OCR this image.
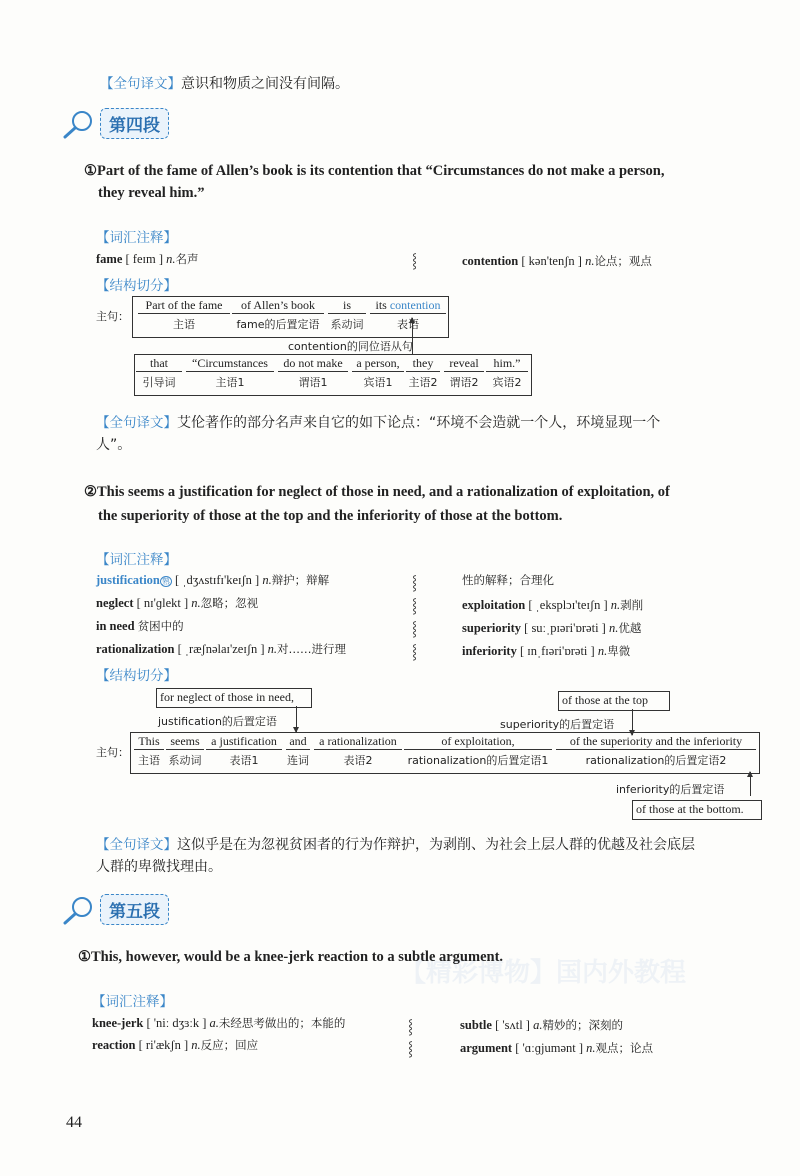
【全句译文】意识和物质之间没有间隔。
第四段
①Part of the fame of Allen’s book is its contention that “Circumstances do not make a person,
they reveal him.”
【词汇注释】
fame [ feɪm ] n.名声	⸾	contention [ kən'tenʃn ] n.论点；观点
【结构切分】
主句：
Part of the fame
主语
of Allen’s book
fame的后置定语
is
系动词
its contention
表语
contention的同位语从句
that
引导词
“Circumstances
主语1
do not make
谓语1
a person,
宾语1
they
主语2
reveal
谓语2
him.”
宾语2
【全句译文】艾伦著作的部分名声来自它的如下论点：“环境不会造就一个人，环境显现一个
人”。
②This seems a justification for neglect of those in need, and a rationalization of exploitation, of
the superiority of those at the top and the inferiority of those at the bottom.
【词汇注释】
justification 熟 [ ˌdʒʌstɪfɪ'keɪʃn ] n.辩护；辩解
neglect [ nɪ'ɡlekt ] n.忽略；忽视
in need 贫困中的
rationalization [ ˌræʃnəlaɪ'zeɪʃn ] n.对……进行理
⸾
⸾
⸾
⸾
性的解释；合理化
exploitation [ ˌeksplɔɪ'teɪʃn ] n.剥削
superiority [ suːˌpɪəri'ɒrəti ] n.优越
inferiority [ ɪnˌfɪəri'ɒrəti ] n.卑微
【结构切分】
for neglect of those in need,
justification的后置定语
of those at the top
superiority的后置定语
主句：
This
主语
seems
系动词
a justification
表语1
and
连词
a rationalization
表语2
of exploitation,
rationalization的后置定语1
of the superiority and the inferiority
rationalization的后置定语2
inferiority的后置定语
of those at the bottom.
【全句译文】这似乎是在为忽视贫困者的行为作辩护，为剥削、为社会上层人群的优越及社会底层
人群的卑微找理由。
第五段
【精彩博物】国内外教程
①This, however, would be a knee-jerk reaction to a subtle argument.
【词汇注释】
knee-jerk [ 'niː dʒɜːk ] a.未经思考做出的；本能的
reaction [ ri'ækʃn ] n.反应；回应
⸾
⸾
subtle [ 'sʌtl ] a.精妙的；深刻的
argument [ 'ɑːɡjumənt ] n.观点；论点
44
